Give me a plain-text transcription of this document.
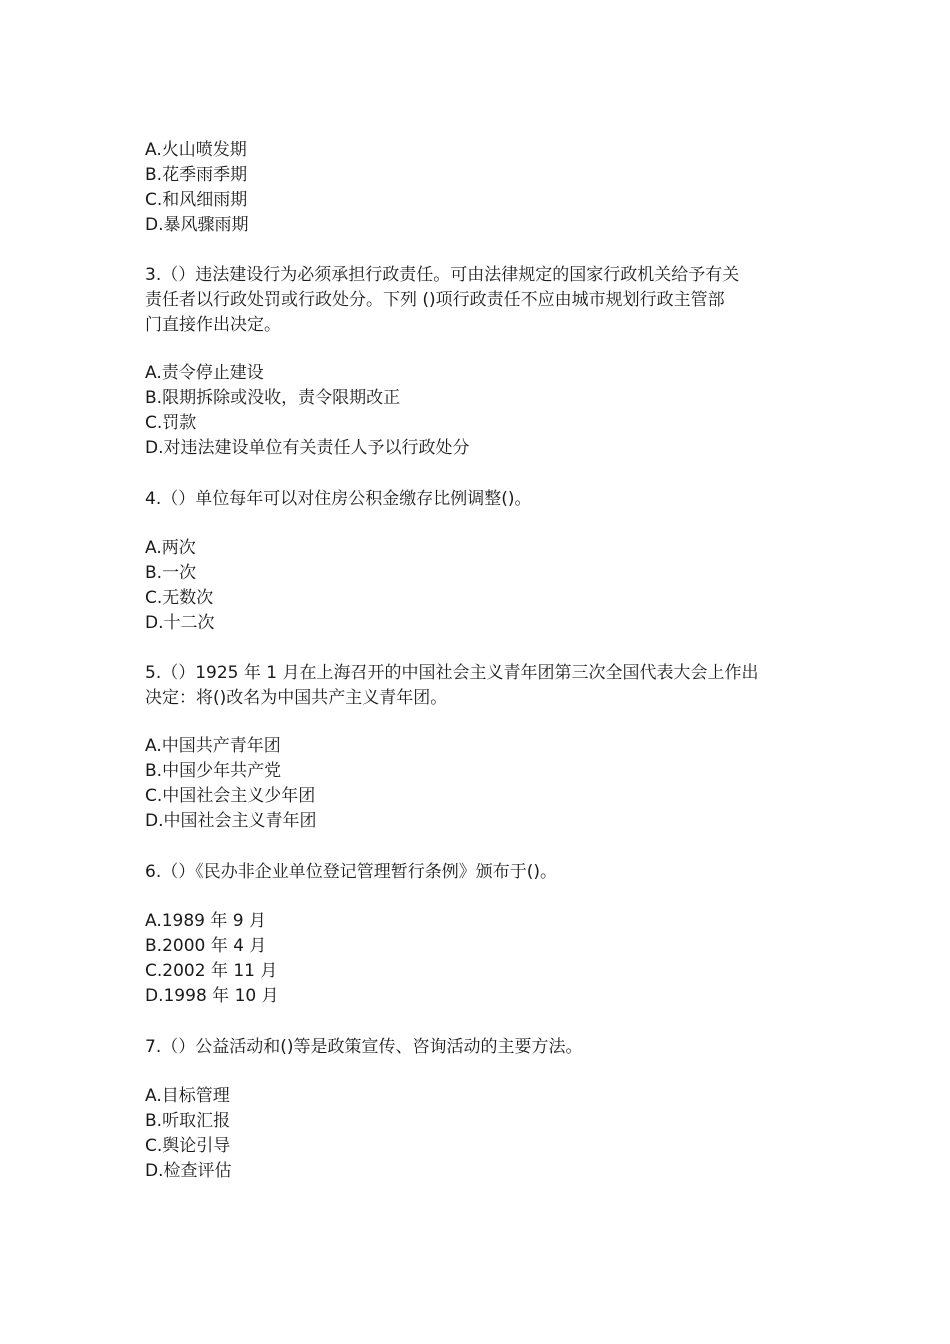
A.火山喷发期
B.花季雨季期
C.和风细雨期
D.暴风骤雨期
3.（）违法建设行为必须承担行政责任。可由法律规定的国家行政机关给予有关
责任者以行政处罚或行政处分。下列 ()项行政责任不应由城市规划行政主管部
门直接作出决定。
A.责令停止建设
B.限期拆除或没收，责令限期改正
C.罚款
D.对违法建设单位有关责任人予以行政处分
4.（）单位每年可以对住房公积金缴存比例调整()。
A.两次
B.一次
C.无数次
D.十二次
5.（）1925 年 1 月在上海召开的中国社会主义青年团第三次全国代表大会上作出
决定：将()改名为中国共产主义青年团。
A.中国共产青年团
B.中国少年共产党
C.中国社会主义少年团
D.中国社会主义青年团
6.（）《民办非企业单位登记管理暂行条例》颁布于()。
A.1989 年 9 月
B.2000 年 4 月
C.2002 年 11 月
D.1998 年 10 月
7.（）公益活动和()等是政策宣传、咨询活动的主要方法。
A.目标管理
B.听取汇报
C.舆论引导
D.检查评估
